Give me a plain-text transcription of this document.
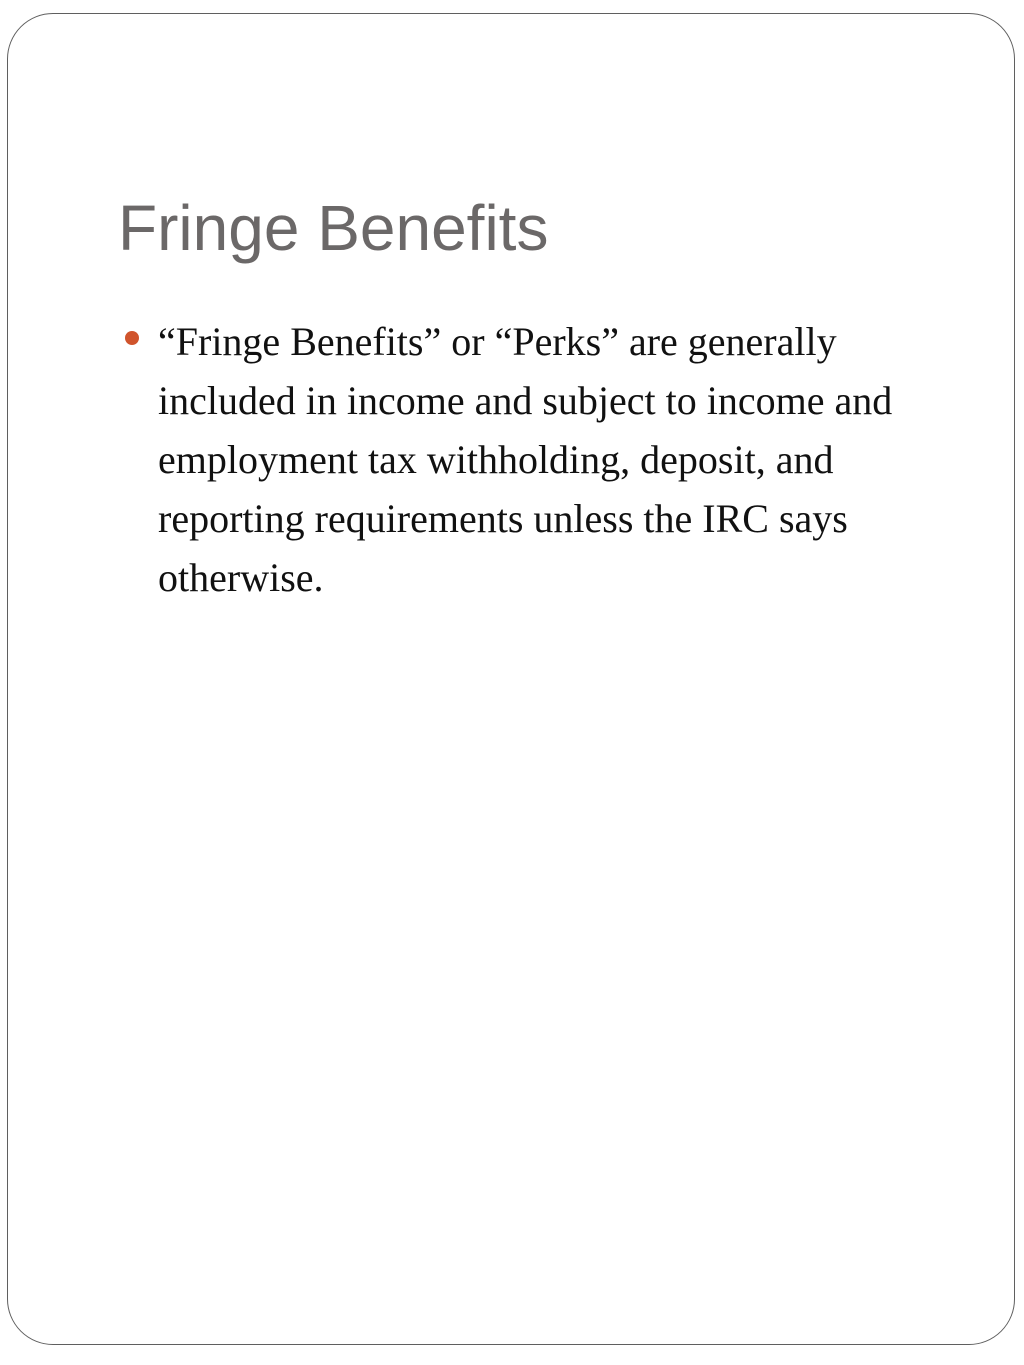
Fringe Benefits
“Fringe Benefits” or “Perks” are generally included in income and subject to income and employment tax withholding, deposit, and reporting requirements unless the IRC says otherwise.
